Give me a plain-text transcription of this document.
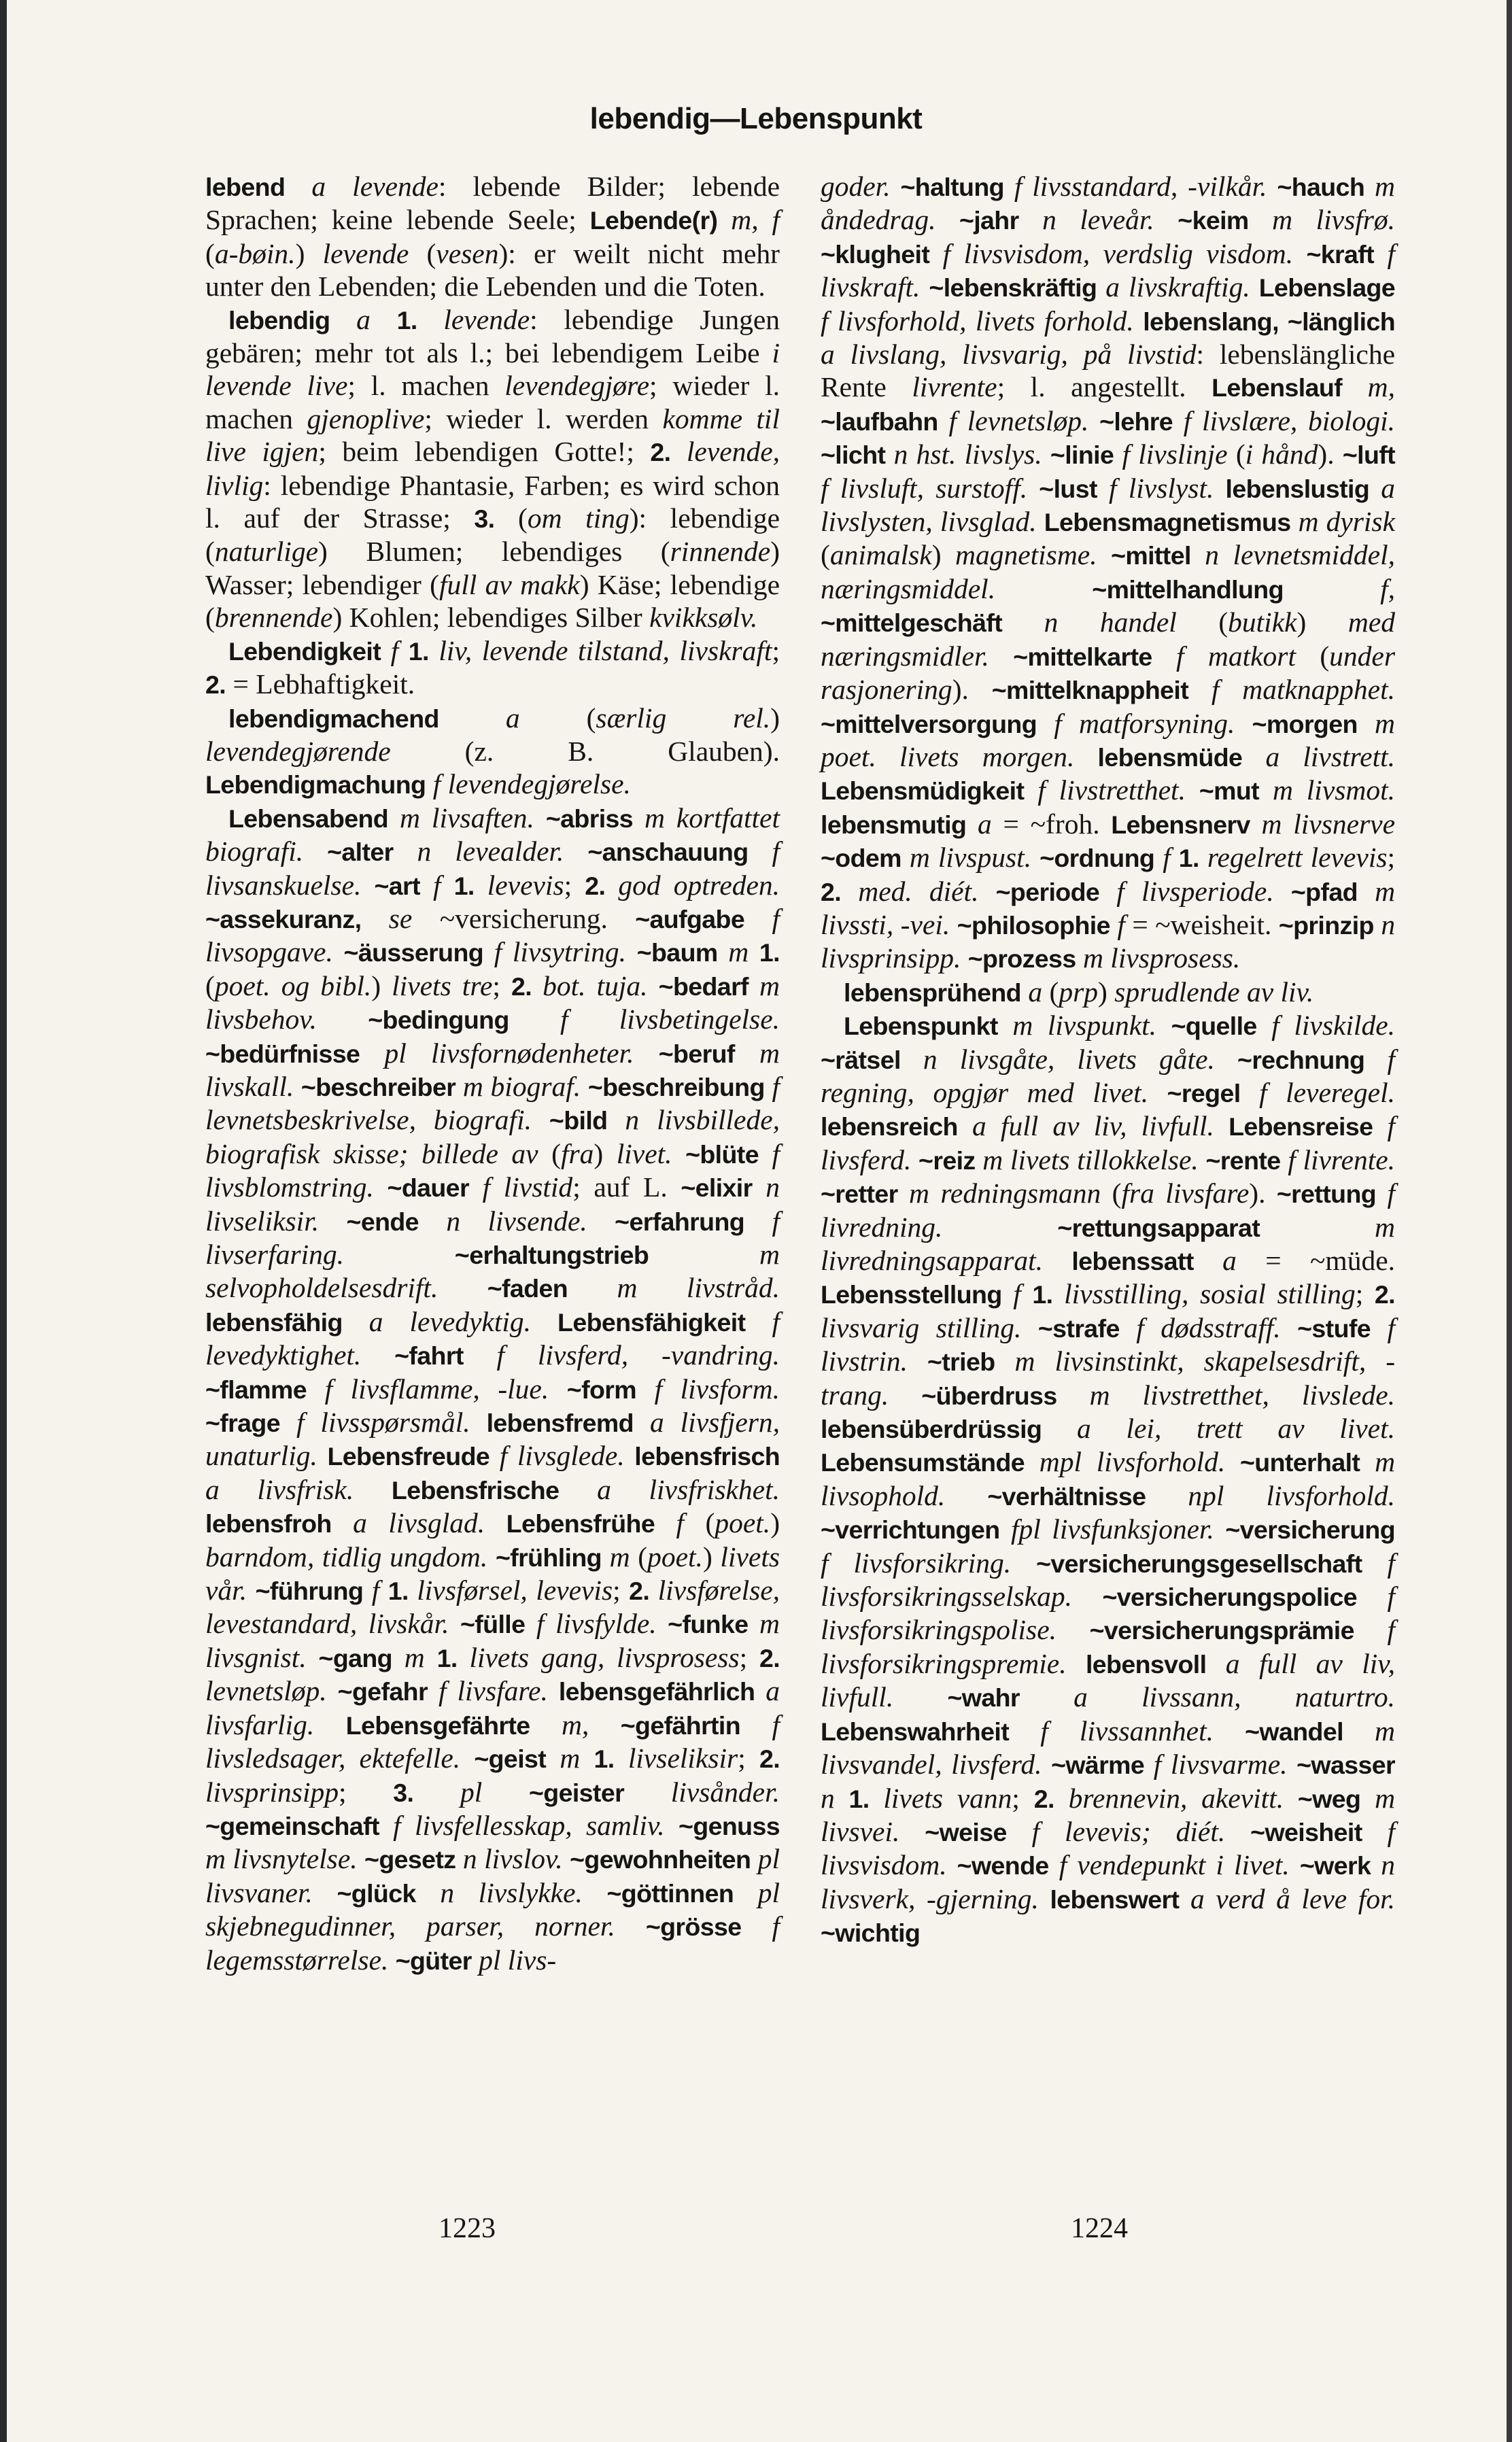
lebendig—Lebenspunkt

lebend a levende: lebende Bilder; lebende Sprachen; keine lebende Seele; Lebende(r) m, f (a-bøin.) levende (vesen): er weilt nicht mehr unter den Lebenden; die Lebenden und die Toten.

lebendig a 1. levende: lebendige Jungen gebären; mehr tot als l.; bei lebendigem Leibe i levende live; l. machen levendegjøre; wieder l. machen gjenoplive; wieder l. werden komme til live igjen; beim lebendigen Gotte!; 2. levende, livlig: lebendige Phantasie, Farben; es wird schon l. auf der Strasse; 3. (om ting): lebendige (naturlige) Blumen; lebendiges (rinnende) Wasser; lebendiger (full av makk) Käse; lebendige (brennende) Kohlen; lebendiges Silber kvikksølv.

Lebendigkeit f 1. liv, levende tilstand, livskraft; 2. = Lebhaftigkeit.

lebendigmachend a (særlig rel.) levendegjørende (z. B. Glauben). Lebendigmachung f levendegjørelse.

Lebensabend m livsaften. ~abriss m kortfattet biografi. ~alter n levealder. ~anschauung f livsanskuelse. ~art f 1. levevis; 2. god optreden. ~assekuranz, se ~versicherung. ~aufgabe f livsopgave. ~äusserung f livsytring. ~baum m 1. (poet. og bibl.) livets tre; 2. bot. tuja. ~bedarf m livsbehov. ~bedingung f livsbetingelse. ~bedürfnisse pl livsfornødenheter. ~beruf m livskall. ~beschreiber m biograf. ~beschreibung f levnetsbeskrivelse, biografi. ~bild n livsbillede, biografisk skisse; billede av (fra) livet. ~blüte f livsblomstring. ~dauer f livstid; auf L. ~elixir n livseliksir. ~ende n livsende. ~erfahrung f livserfaring.	~erhaltungstrieb	m selvopholdelsesdrift. ~faden m livstråd. lebensfähig a levedyktig. Lebensfähigkeit f levedyktighet. ~fahrt f livsferd, -vandring. ~flamme f livsflamme, -lue. ~form f livsform. ~frage f livsspørsmål. lebensfremd a livsfjern, unaturlig. Lebensfreude f livsglede. lebensfrisch a livsfrisk. Lebensfrische a livsfriskhet. lebensfroh a livsglad. Lebensfrühe f (poet.) barndom, tidlig ungdom. ~frühling m (poet.) livets vår. ~führung f 1. livsførsel, levevis; 2. livsførelse, levestandard, livskår. ~fülle f livsfylde. ~funke m livsgnist. ~gang m 1. livets gang, livsprosess; 2. levnetsløp. ~gefahr f livsfare. lebensgefährlich a livsfarlig. Lebensgefährte m, ~gefährtin f livsledsager, ektefelle. ~geist m 1. livseliksir; 2. livsprinsipp; 3. pl ~geister livsånder. ~gemeinschaft f livsfellesskap, samliv. ~genuss m livsnytelse. ~gesetz n livslov. ~gewohnheiten pl livsvaner. ~glück n livslykke. ~göttinnen pl skjebnegudinner, parser, norner. ~grösse f legemsstørrelse. ~güter pl livs-

goder. ~haltung f livsstandard, -vilkår. ~hauch m åndedrag. ~jahr n leveår. ~keim m livsfrø. ~klugheit f livsvisdom, verdslig visdom. ~kraft f livskraft. ~lebenskräftig a livskraftig. Lebenslage f livsforhold, livets forhold. lebenslang, ~länglich a livslang, livsvarig, på livstid: lebenslängliche Rente livrente; l. angestellt. Lebenslauf m, ~laufbahn f levnetsløp. ~lehre f livslære, biologi. ~licht n hst. livslys. ~linie f livslinje (i hånd). ~luft f livsluft, surstoff. ~lust f livslyst. lebenslustig a livslysten, livsglad. Lebensmagnetismus m dyrisk (animalsk) magnetisme. ~mittel n levnetsmiddel, næringsmiddel.	~mittelhandlung	f, ~mittelgeschäft n handel (butikk) med næringsmidler. ~mittelkarte f matkort (under rasjonering). ~mittelknappheit f matknapphet. ~mittelversorgung f matforsyning. ~morgen m poet. livets morgen. lebensmüde a livstrett. Lebensmüdigkeit f livstretthet. ~mut m livsmot. lebensmutig a = ~froh. Lebensnerv m livsnerve ~odem m livspust. ~ordnung f 1. regelrett levevis; 2. med. diét. ~periode f livsperiode. ~pfad m livssti, -vei. ~philosophie f = ~weisheit. ~prinzip n livsprinsipp. ~prozess m livsprosess.

lebensprühend a (prp) sprudlende av liv.

Lebenspunkt m livspunkt. ~quelle f livskilde. ~rätsel n livsgåte, livets gåte. ~rechnung f regning, opgjør med livet. ~regel f leveregel. lebensreich a full av liv, livfull. Lebensreise f livsferd. ~reiz m livets tillokkelse. ~rente f livrente. ~retter m redningsmann (fra livsfare). ~rettung f livredning.	~rettungsapparat	m livredningsapparat. lebenssatt a = ~müde. Lebensstellung f 1. livsstilling, sosial stilling; 2. livsvarig stilling. ~strafe f dødsstraff. ~stufe f livstrin. ~trieb m livsinstinkt, skapelsesdrift, -trang. ~überdruss m livstretthet, livslede. lebensüberdrüssig a lei, trett av livet. Lebensumstände mpl livsforhold. ~unterhalt m livsophold. ~verhältnisse npl livsforhold. ~verrichtungen fpl livsfunksjoner. ~versicherung f livsforsikring. ~versicherungsgesellschaft f livsforsikringsselskap. ~versicherungspolice f livsforsikringspolise. ~versicherungsprämie f livsforsikringspremie. lebensvoll a full av liv, livfull. ~wahr a livssann, naturtro. Lebenswahrheit f livssannhet. ~wandel m livsvandel, livsferd. ~wärme f livsvarme. ~wasser n 1. livets vann; 2. brennevin, akevitt. ~weg m livsvei. ~weise f levevis; diét. ~weisheit f livsvisdom. ~wende f vendepunkt i livet. ~werk n livsverk, -gjerning. lebenswert a verd å leve for. ~wichtig

1223	1224
